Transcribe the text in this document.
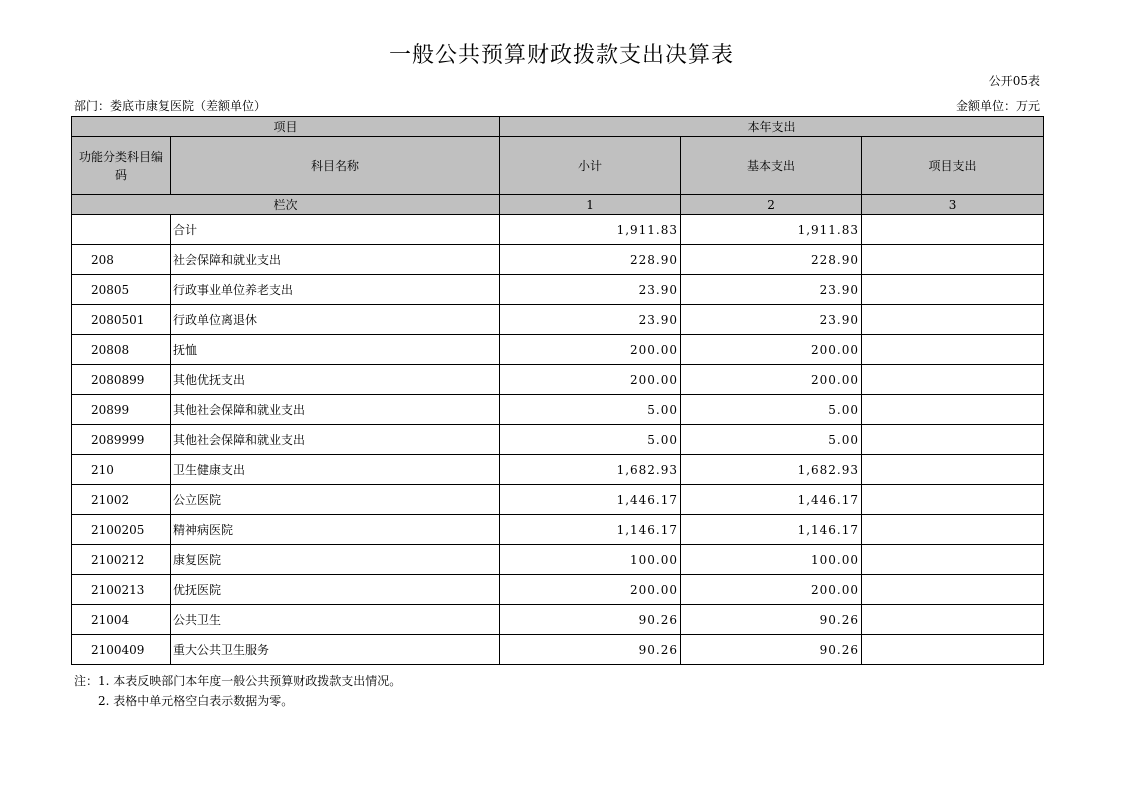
一般公共预算财政拨款支出决算表
公开05表
部门：娄底市康复医院（差额单位）	金额单位：万元
项目		本年支出		
功能分类科目编码	科目名称	小计	基本支出	项目支出
栏次		1	2	3
	合计	1,911.83	1,911.83	
208	社会保障和就业支出	228.90	228.90	
20805	行政事业单位养老支出	23.90	23.90	
2080501	行政单位离退休	23.90	23.90	
20808	抚恤	200.00	200.00	
2080899	其他优抚支出	200.00	200.00	
20899	其他社会保障和就业支出	5.00	5.00	
2089999	其他社会保障和就业支出	5.00	5.00	
210	卫生健康支出	1,682.93	1,682.93	
21002	公立医院	1,446.17	1,446.17	
2100205	精神病医院	1,146.17	1,146.17	
2100212	康复医院	100.00	100.00	
2100213	优抚医院	200.00	200.00	
21004	公共卫生	90.26	90.26	
2100409	重大公共卫生服务	90.26	90.26	
注：1. 本表反映部门本年度一般公共预算财政拨款支出情况。
2. 表格中单元格空白表示数据为零。
